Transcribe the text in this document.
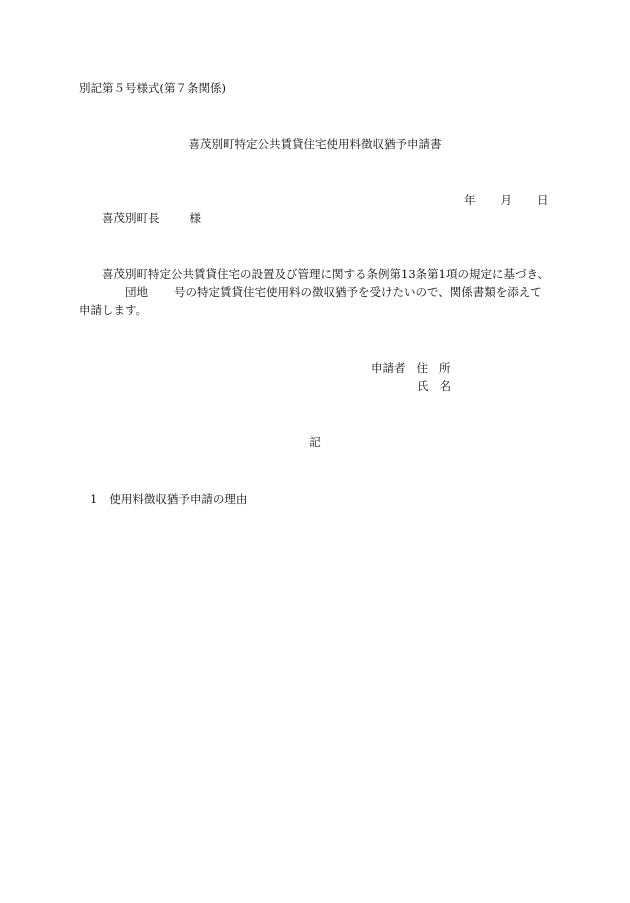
別記第５号様式(第７条関係)
喜茂別町特定公共賃貸住宅使用料徴収猶予申請書
年 月 日
喜茂別町長	様
喜茂別町特定公共賃貸住宅の設置及び管理に関する条例第13条第1項の規定に基づき、
団地 号の特定賃貸住宅使用料の徴収猶予を受けたいので、関係書類を添えて
申請します。
申請者 住 所
氏 名
記
1 使用料徴収猶予申請の理由
